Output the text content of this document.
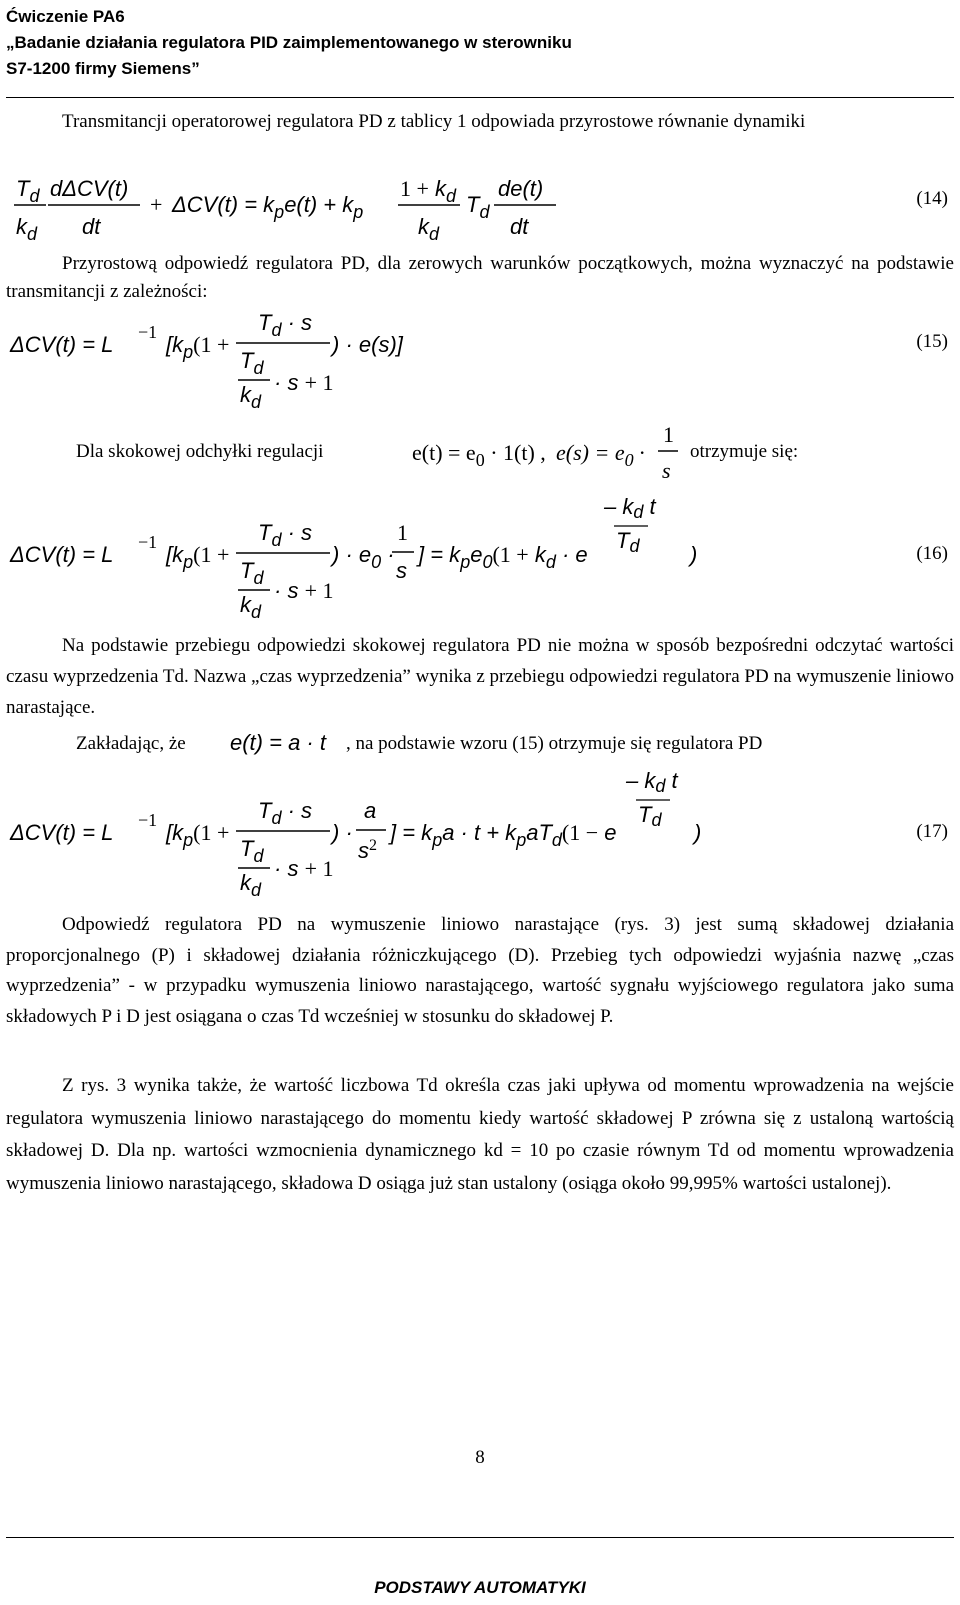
Ćwiczenie PA6
„Badanie działania regulatora PID zaimplementowanego w sterowniku
S7-1200 firmy Siemens”
Transmitancji operatorowej regulatora PD z tablicy 1 odpowiada przyrostowe równanie dynamiki
$T_d$
$k_d$
dΔCV(t)
dt
+ $\Delta CV(t) = k_pe(t) + k_p$
$1 + k_d$
$k_d$
$T_d$
de(t)
dt
ΔCV(t) = L −1 [$k_p(1$ +
$T_d \cdot s$
$T_d$
$k_d$
· s + 1
) · e(s)]
$e(t) = e_0 \cdot 1(t)$ , $e(s) = e_0$ ·
1
s
ΔCV(t) = L −1 [$k_p(1$ +
$T_d \cdot s$
$T_d$
$k_d$
· s + 1
) · $e_0$ ·
1
s
] = $k_pe_0(1 + k_d \cdot e$
– kd t
Td )
e(t) = a · t
ΔCV(t) = L −1 [$k_p(1$ +
$T_d \cdot s$
$T_d$
$k_d$
· s + 1
) ·
a
$s^2$
] = $k_pa \cdot t + k_paT_d(1 - e$
– kd t
Td )
(14)
Przyrostową odpowiedź regulatora PD, dla zerowych warunków początkowych, można wyznaczyć na podstawie transmitancji z zależności:
(15)
Dla skokowej odchyłki regulacji	otrzymuje się:
(16)
Na podstawie przebiegu odpowiedzi skokowej regulatora PD nie można w sposób bezpośredni odczytać wartości czasu wyprzedzenia Td. Nazwa „czas wyprzedzenia” wynika z przebiegu odpowiedzi regulatora PD na wymuszenie liniowo narastające.
Zakładając, że	, na podstawie wzoru (15) otrzymuje się regulatora PD
(17)
Odpowiedź regulatora PD na wymuszenie liniowo narastające (rys. 3) jest sumą składowej działania proporcjonalnego (P) i składowej działania różniczkującego (D). Przebieg tych odpowiedzi wyjaśnia nazwę „czas wyprzedzenia” - w przypadku wymuszenia liniowo narastającego, wartość sygnału wyjściowego regulatora jako suma składowych P i D jest osiągana o czas Td wcześniej w stosunku do składowej P.
Z rys. 3 wynika także, że wartość liczbowa Td określa czas jaki upływa od momentu wprowadzenia na wejście regulatora wymuszenia liniowo narastającego do momentu kiedy wartość składowej P zrówna się z ustaloną wartością składowej D. Dla np. wartości wzmocnienia dynamicznego kd = 10 po czasie równym Td od momentu wprowadzenia wymuszenia liniowo narastającego, składowa D osiąga już stan ustalony (osiąga około 99,995% wartości ustalonej).
8
PODSTAWY AUTOMATYKI
